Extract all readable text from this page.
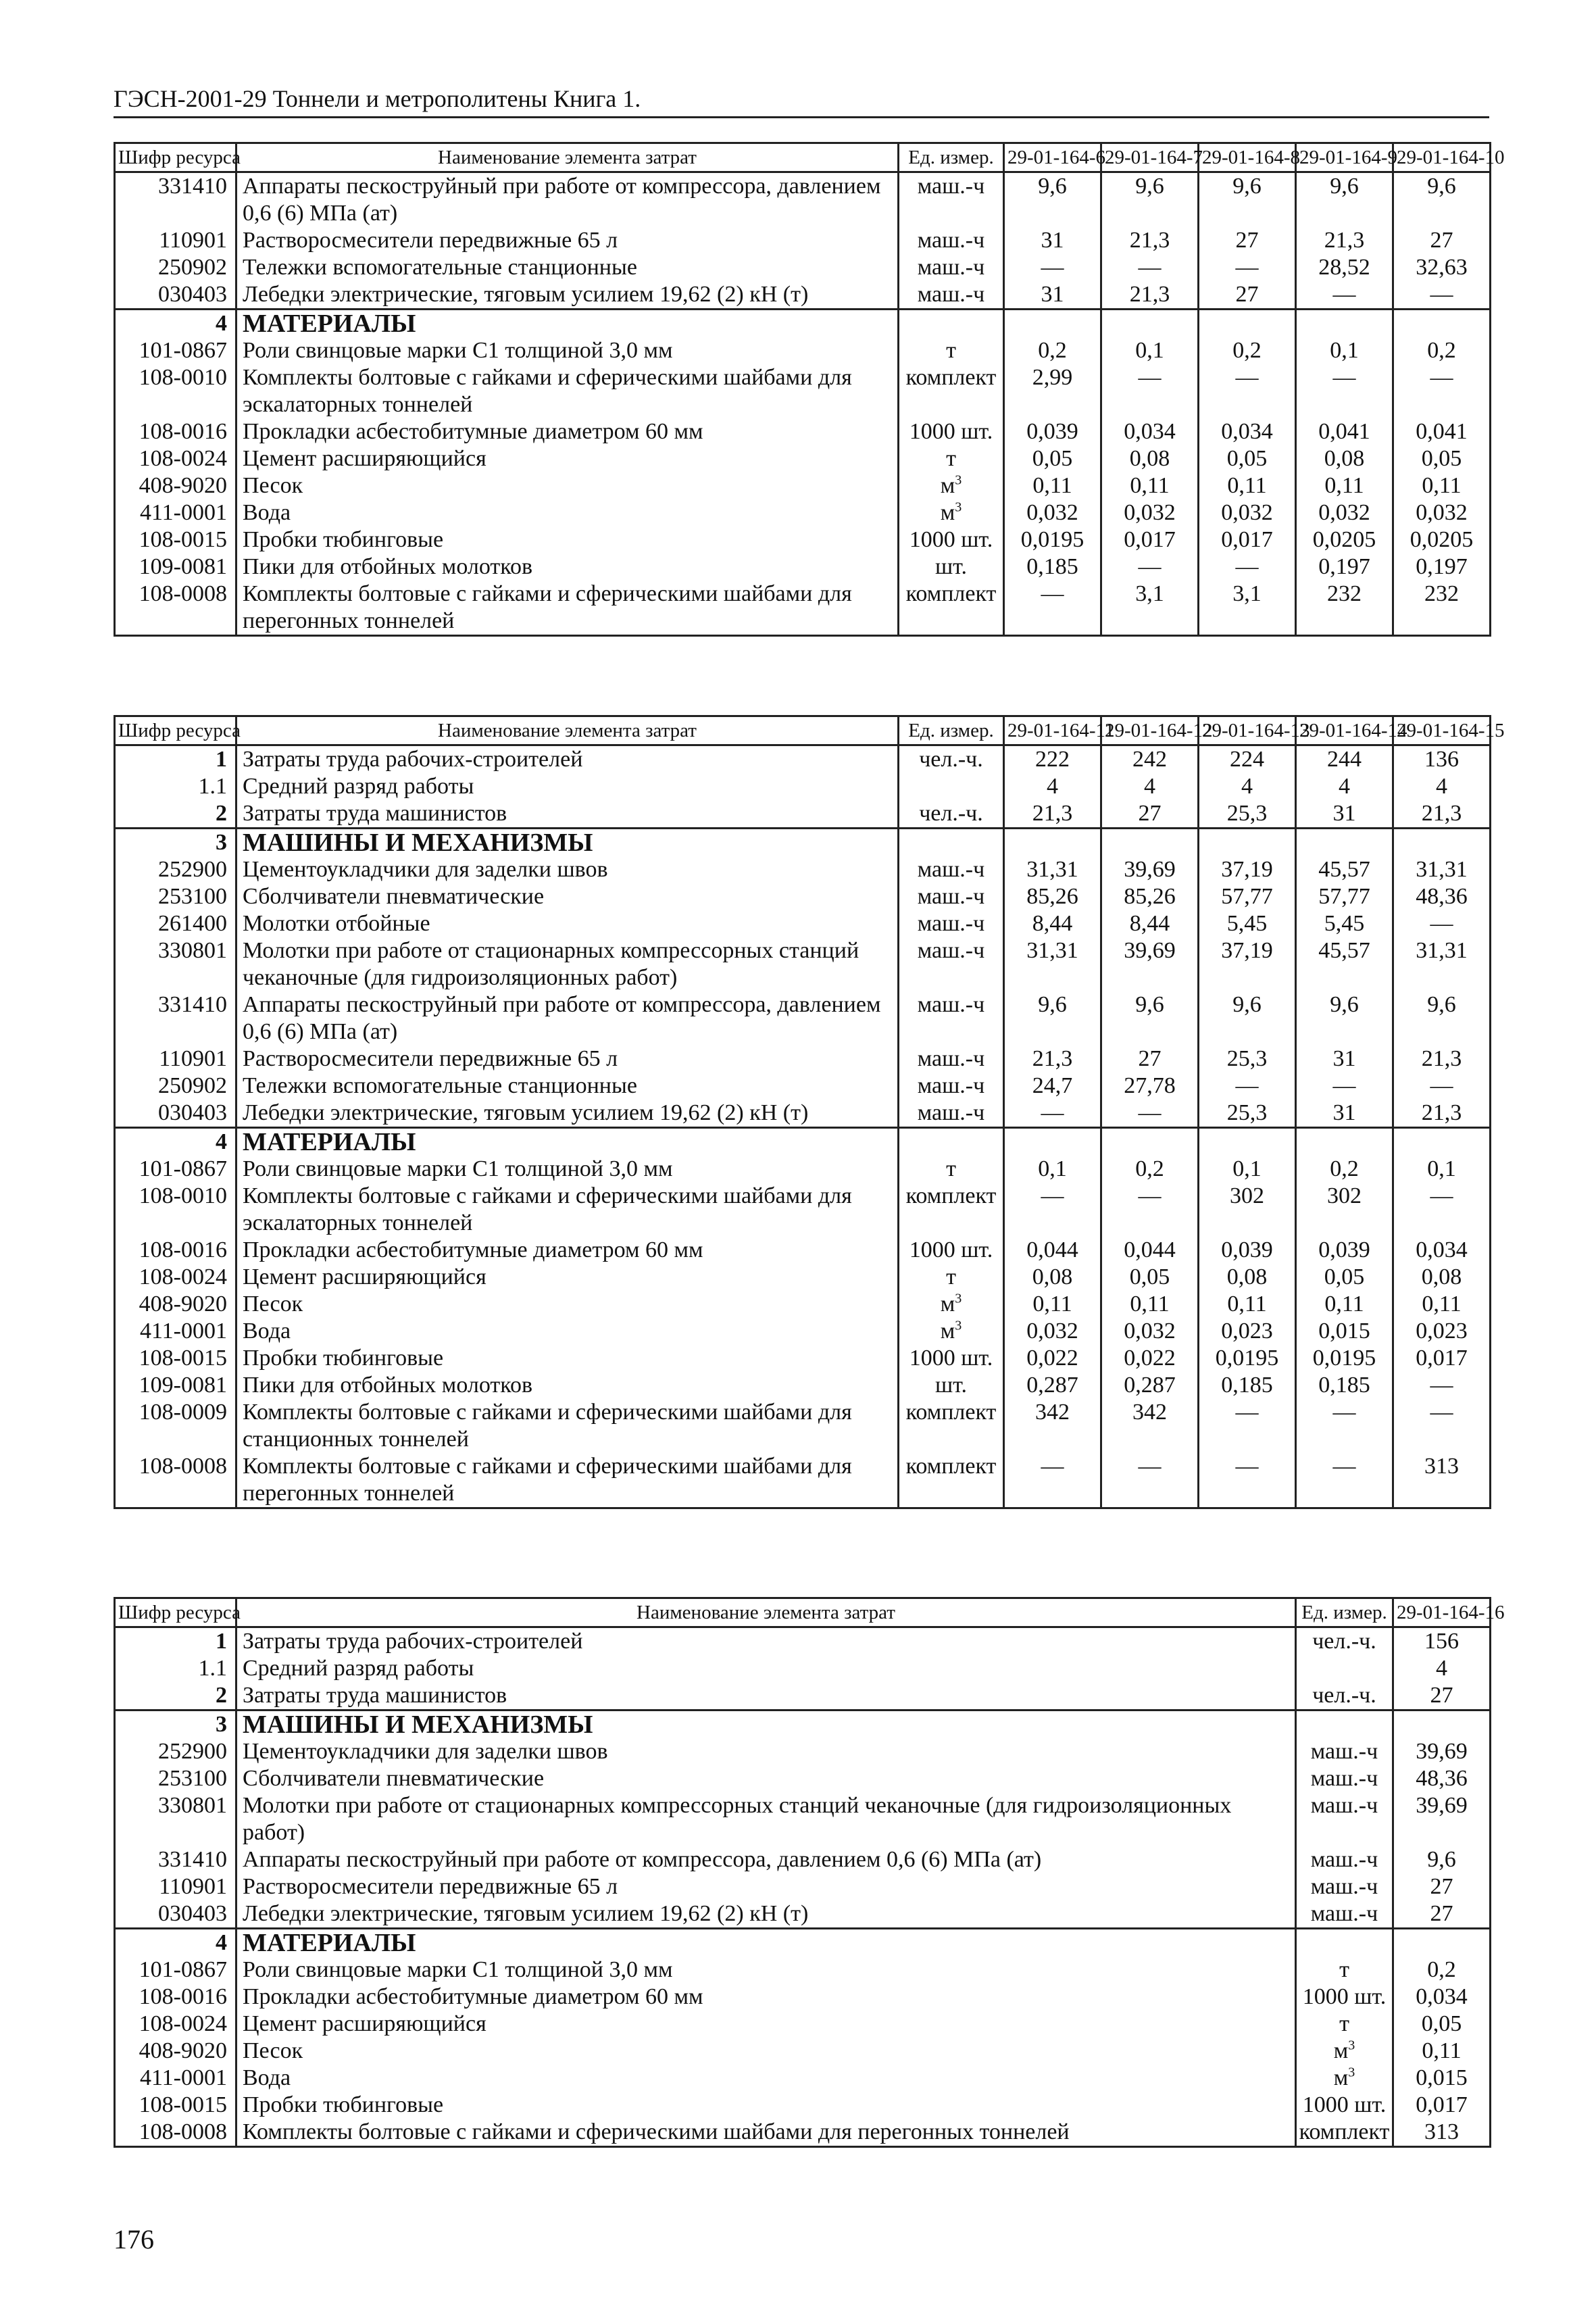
ГЭСН-2001-29 Тоннели и метрополитены Книга 1.
Шифр ресурса	Наименование элемента затрат	Ед. измер.	29-01-164-6	29-01-164-7	29-01-164-8	29-01-164-9	29-01-164-10
331410	Аппараты пескоструйный при работе от компрессора, давлением 0,6 (6) МПа (ат)	маш.-ч	9,6	9,6	9,6	9,6	9,6
110901	Растворосмесители передвижные 65 л	маш.-ч	31	21,3	27	21,3	27
250902	Тележки вспомогательные станционные	маш.-ч	—	—	—	28,52	32,63
030403	Лебедки электрические, тяговым усилием 19,62 (2) кН (т)	маш.-ч	31	21,3	27	—	—
4	МАТЕРИАЛЫ						
101-0867	Роли свинцовые марки С1 толщиной 3,0 мм	т	0,2	0,1	0,2	0,1	0,2
108-0010	Комплекты болтовые с гайками и сферическими шайбами для эскалаторных тоннелей	комплект	2,99	—	—	—	—
108-0016	Прокладки асбестобитумные диаметром 60 мм	1000 шт.	0,039	0,034	0,034	0,041	0,041
108-0024	Цемент расширяющийся	т	0,05	0,08	0,05	0,08	0,05
408-9020	Песок	$м^3$	0,11	0,11	0,11	0,11	0,11
411-0001	Вода	$м^3$	0,032	0,032	0,032	0,032	0,032
108-0015	Пробки тюбинговые	1000 шт.	0,0195	0,017	0,017	0,0205	0,0205
109-0081	Пики для отбойных молотков	шт.	0,185	—	—	0,197	0,197
108-0008	Комплекты болтовые с гайками и сферическими шайбами для перегонных тоннелей	комплект	—	3,1	3,1	232	232
Шифр ресурса	Наименование элемента затрат	Ед. измер.	29-01-164-11	29-01-164-12	29-01-164-13	29-01-164-14	29-01-164-15
1	Затраты труда рабочих-строителей	чел.-ч.	222	242	224	244	136
1.1	Средний разряд работы		4	4	4	4	4
2	Затраты труда машинистов	чел.-ч.	21,3	27	25,3	31	21,3
3	МАШИНЫ И МЕХАНИЗМЫ						
252900	Цементоукладчики для заделки швов	маш.-ч	31,31	39,69	37,19	45,57	31,31
253100	Сболчиватели пневматические	маш.-ч	85,26	85,26	57,77	57,77	48,36
261400	Молотки отбойные	маш.-ч	8,44	8,44	5,45	5,45	—
330801	Молотки при работе от стационарных компрессорных станций чеканочные (для гидроизоляционных работ)	маш.-ч	31,31	39,69	37,19	45,57	31,31
331410	Аппараты пескоструйный при работе от компрессора, давлением 0,6 (6) МПа (ат)	маш.-ч	9,6	9,6	9,6	9,6	9,6
110901	Растворосмесители передвижные 65 л	маш.-ч	21,3	27	25,3	31	21,3
250902	Тележки вспомогательные станционные	маш.-ч	24,7	27,78	—	—	—
030403	Лебедки электрические, тяговым усилием 19,62 (2) кН (т)	маш.-ч	—	—	25,3	31	21,3
4	МАТЕРИАЛЫ						
101-0867	Роли свинцовые марки С1 толщиной 3,0 мм	т	0,1	0,2	0,1	0,2	0,1
108-0010	Комплекты болтовые с гайками и сферическими шайбами для эскалаторных тоннелей	комплект	—	—	302	302	—
108-0016	Прокладки асбестобитумные диаметром 60 мм	1000 шт.	0,044	0,044	0,039	0,039	0,034
108-0024	Цемент расширяющийся	т	0,08	0,05	0,08	0,05	0,08
408-9020	Песок	$м^3$	0,11	0,11	0,11	0,11	0,11
411-0001	Вода	$м^3$	0,032	0,032	0,023	0,015	0,023
108-0015	Пробки тюбинговые	1000 шт.	0,022	0,022	0,0195	0,0195	0,017
109-0081	Пики для отбойных молотков	шт.	0,287	0,287	0,185	0,185	—
108-0009	Комплекты болтовые с гайками и сферическими шайбами для станционных тоннелей	комплект	342	342	—	—	—
108-0008	Комплекты болтовые с гайками и сферическими шайбами для перегонных тоннелей	комплект	—	—	—	—	313
Шифр ресурса	Наименование элемента затрат	Ед. измер.	29-01-164-16
1	Затраты труда рабочих-строителей	чел.-ч.	156
1.1	Средний разряд работы		4
2	Затраты труда машинистов	чел.-ч.	27
3	МАШИНЫ И МЕХАНИЗМЫ		
252900	Цементоукладчики для заделки швов	маш.-ч	39,69
253100	Сболчиватели пневматические	маш.-ч	48,36
330801	Молотки при работе от стационарных компрессорных станций чеканочные (для гидроизоляционных работ)	маш.-ч	39,69
331410	Аппараты пескоструйный при работе от компрессора, давлением 0,6 (6) МПа (ат)	маш.-ч	9,6
110901	Растворосмесители передвижные 65 л	маш.-ч	27
030403	Лебедки электрические, тяговым усилием 19,62 (2) кН (т)	маш.-ч	27
4	МАТЕРИАЛЫ		
101-0867	Роли свинцовые марки С1 толщиной 3,0 мм	т	0,2
108-0016	Прокладки асбестобитумные диаметром 60 мм	1000 шт.	0,034
108-0024	Цемент расширяющийся	т	0,05
408-9020	Песок	$м^3$	0,11
411-0001	Вода	$м^3$	0,015
108-0015	Пробки тюбинговые	1000 шт.	0,017
108-0008	Комплекты болтовые с гайками и сферическими шайбами для перегонных тоннелей	комплект	313
176
